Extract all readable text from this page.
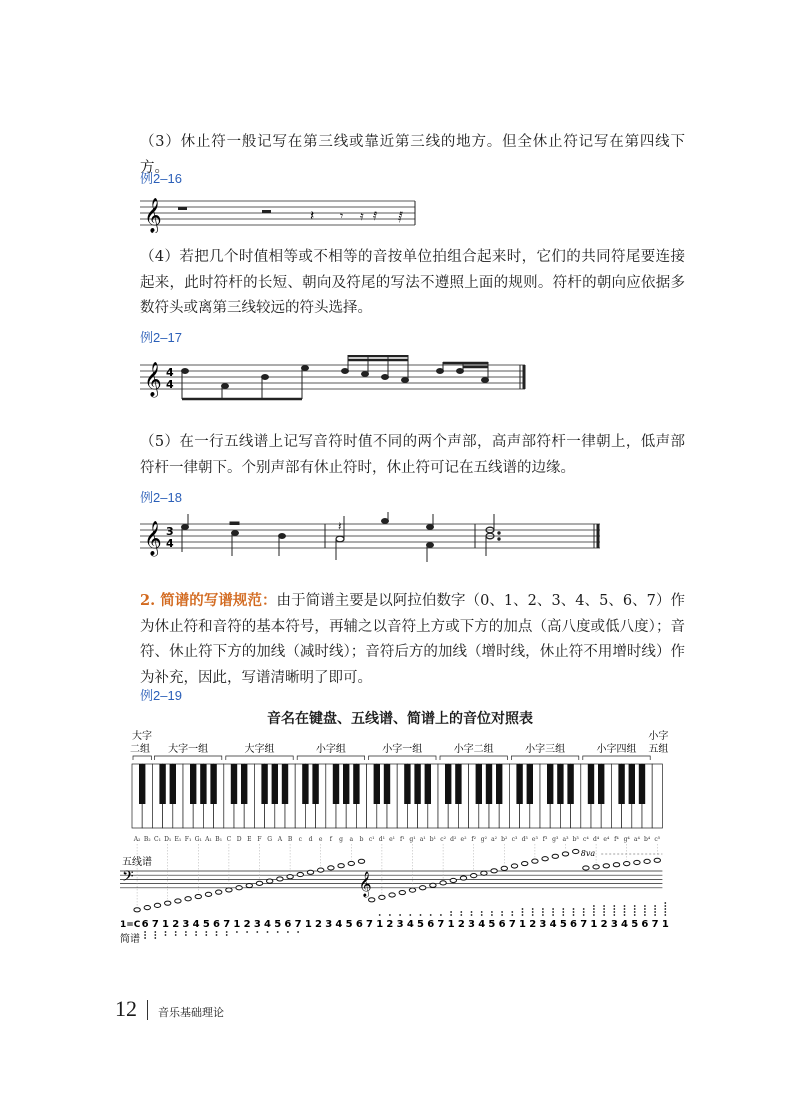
（3）休止符一般记写在第三线或靠近第三线的地方。但全休止符记写在第四线下方。

例2–16
𝄞	𝄽 𝄾 𝄿 𝅀 𝅁

（4）若把几个时值相等或不相等的音按单位拍组合起来时，它们的共同符尾要连接起来，此时符杆的长短、朝向及符尾的写法不遵照上面的规则。符杆的朝向应依据多数符头或离第三线较远的符头选择。

例2–17
𝄞 4
4

（5）在一行五线谱上记写音符时值不同的两个声部，高声部符杆一律朝上，低声部符杆一律朝下。个别声部有休止符时，休止符可记在五线谱的边缘。

例2–18
𝄞 3
4
𝄽

2. 简谱的写谱规范：由于简谱主要是以阿拉伯数字（0、1、2、3、4、5、6、7）作为休止符和音符的基本符号，再辅之以音符上方或下方的加点（高八度或低八度）；音符、休止符下方的加线（减时线）；音符后方的加线（增时线，休止符不用增时线）作为补充，因此，写谱清晰明了即可。

例2–19
音名在键盘、五线谱、简谱上的音位对照表
大字
二组 大字一组	大字组	小字组	小字一组	小字二组	小字三组	小字四组
小字
五组
A₂ B₂ C₁ D₁ E₁ F₁ G₁ A₁ B₁ C D E F G A B c d e f g a b c¹ d¹ e¹ f¹ g¹ a¹ b¹ c² d² e² f² g² a² b² c³ d³ e³ f³ g³ a³ b³ c⁴ d⁴ e⁴ f⁴ g⁴ a⁴ b⁴ c⁵
五线谱
𝄢	𝄞
8va
1=C
简谱
6 7 1 2 3 4 5 6 7 1 2 3 4 5 6 7 1 2 3 4 5 6 7 1 2 3 4 5 6 7 1 2 3 4 5 6 7 1 2 3 4 5 6 7 1 2 3 4 5 6 7 1
12 音乐基础理论
